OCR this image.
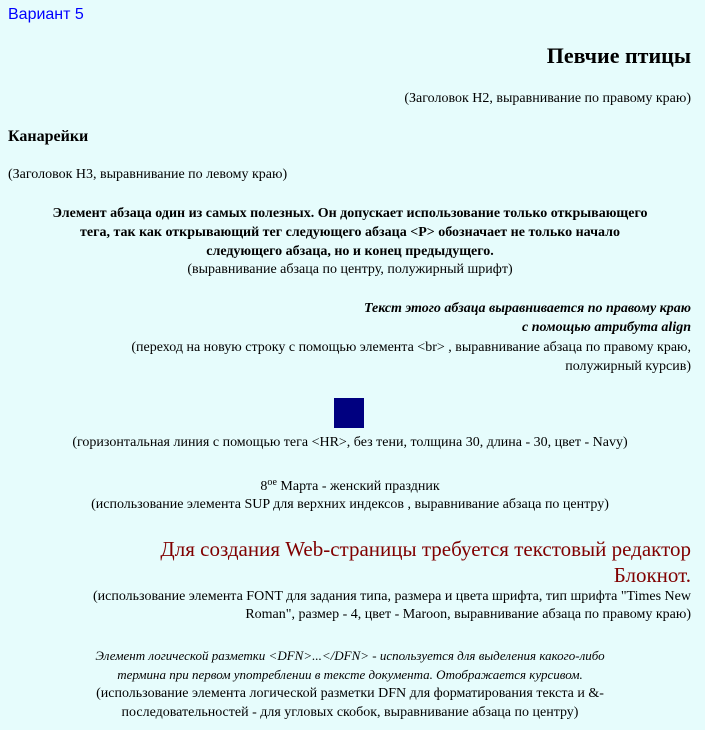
Вариант 5
Певчие птицы
(Заголовок H2, выравнивание по правому краю)
Канарейки
(Заголовок H3, выравнивание по левому краю)
Элемент абзаца один из самых полезных. Он допускает использование только открывающего
тега, так как открывающий тег следующего абзаца <P> обозначает не только начало
следующего абзаца, но и конец предыдущего.
(выравнивание абзаца по центру, полужирный шрифт)
Текст этого абзаца выравнивается по правому краю
с помощью атрибута align
(переход на новую строку с помощью элемента <br> , выравнивание абзаца по правому краю,
полужирный курсив)
(горизонтальная линия с помощью тега <HR>, без тени, толщина 30, длина - 30, цвет - Navy)
$8^{ое}$ Марта - женский праздник
(использование элемента SUP для верхних индексов , выравнивание абзаца по центру)
Для создания Web-страницы требуется текстовый редактор
Блокнот.
(использование элемента FONT для задания типа, размера и цвета шрифта, тип шрифта "Times New
Roman", размер - 4, цвет - Maroon, выравнивание абзаца по правому краю)
Элемент логической разметки <DFN>...</DFN> - используется для выделения какого-либо
термина при первом употреблении в тексте документа. Отображается курсивом.
(использование элемента логической разметки DFN для форматирования текста и &-
последовательностей - для угловых скобок, выравнивание абзаца по центру)
